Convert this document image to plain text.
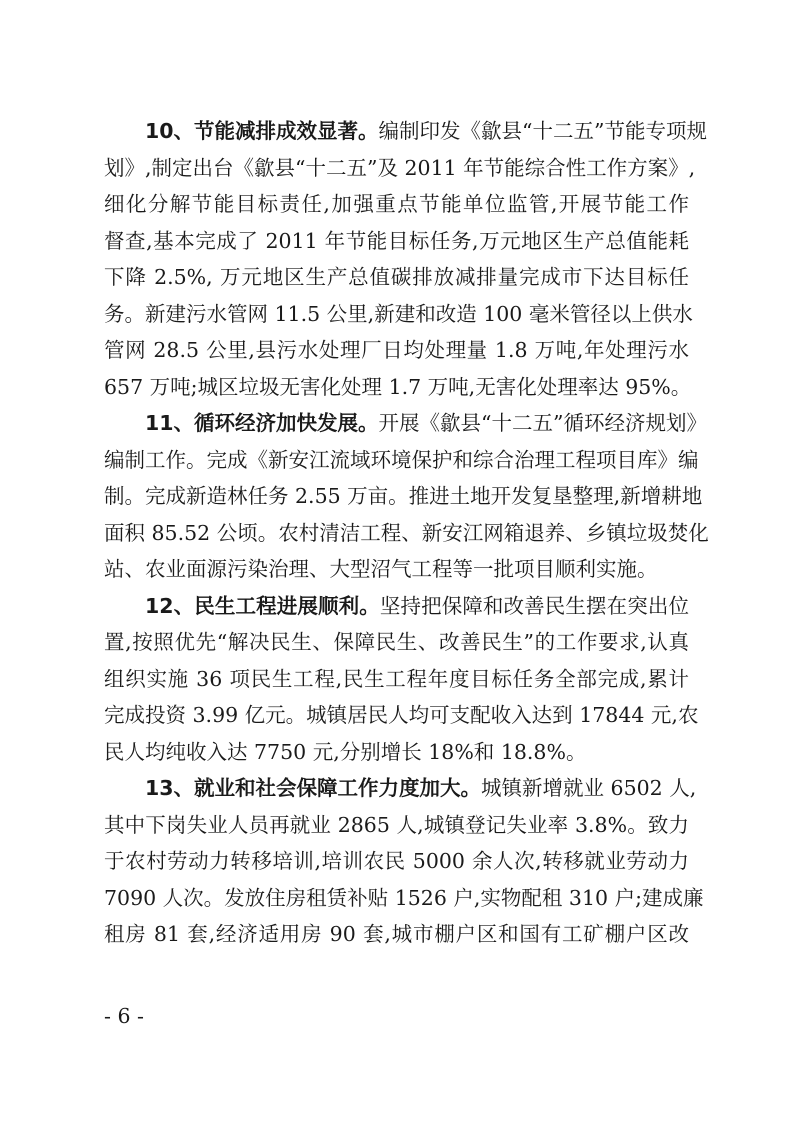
10、节能减排成效显著。编制印发《歙县“十二五”节能专项规
划》,制定出台《歙县“十二五”及 2011 年节能综合性工作方案》,
细化分解节能目标责任,加强重点节能单位监管,开展节能工作
督查,基本完成了 2011 年节能目标任务,万元地区生产总值能耗
下降 2.5%, 万元地区生产总值碳排放减排量完成市下达目标任
务。新建污水管网 11.5 公里,新建和改造 100 毫米管径以上供水
管网 28.5 公里,县污水处理厂日均处理量 1.8 万吨,年处理污水
657 万吨;城区垃圾无害化处理 1.7 万吨,无害化处理率达 95%。
11、循环经济加快发展。开展《歙县“十二五”循环经济规划》
编制工作。完成《新安江流域环境保护和综合治理工程项目库》编
制。完成新造林任务 2.55 万亩。推进土地开发复垦整理,新增耕地
面积 85.52 公顷。农村清洁工程、新安江网箱退养、乡镇垃圾焚化
站、农业面源污染治理、大型沼气工程等一批项目顺利实施。
12、民生工程进展顺利。坚持把保障和改善民生摆在突出位
置,按照优先“解决民生、保障民生、改善民生”的工作要求,认真
组织实施 36 项民生工程,民生工程年度目标任务全部完成,累计
完成投资 3.99 亿元。城镇居民人均可支配收入达到 17844 元,农
民人均纯收入达 7750 元,分别增长 18%和 18.8%。
13、就业和社会保障工作力度加大。城镇新增就业 6502 人,
其中下岗失业人员再就业 2865 人,城镇登记失业率 3.8%。致力
于农村劳动力转移培训,培训农民 5000 余人次,转移就业劳动力
7090 人次。发放住房租赁补贴 1526 户,实物配租 310 户;建成廉
租房 81 套,经济适用房 90 套,城市棚户区和国有工矿棚户区改
- 6 -
